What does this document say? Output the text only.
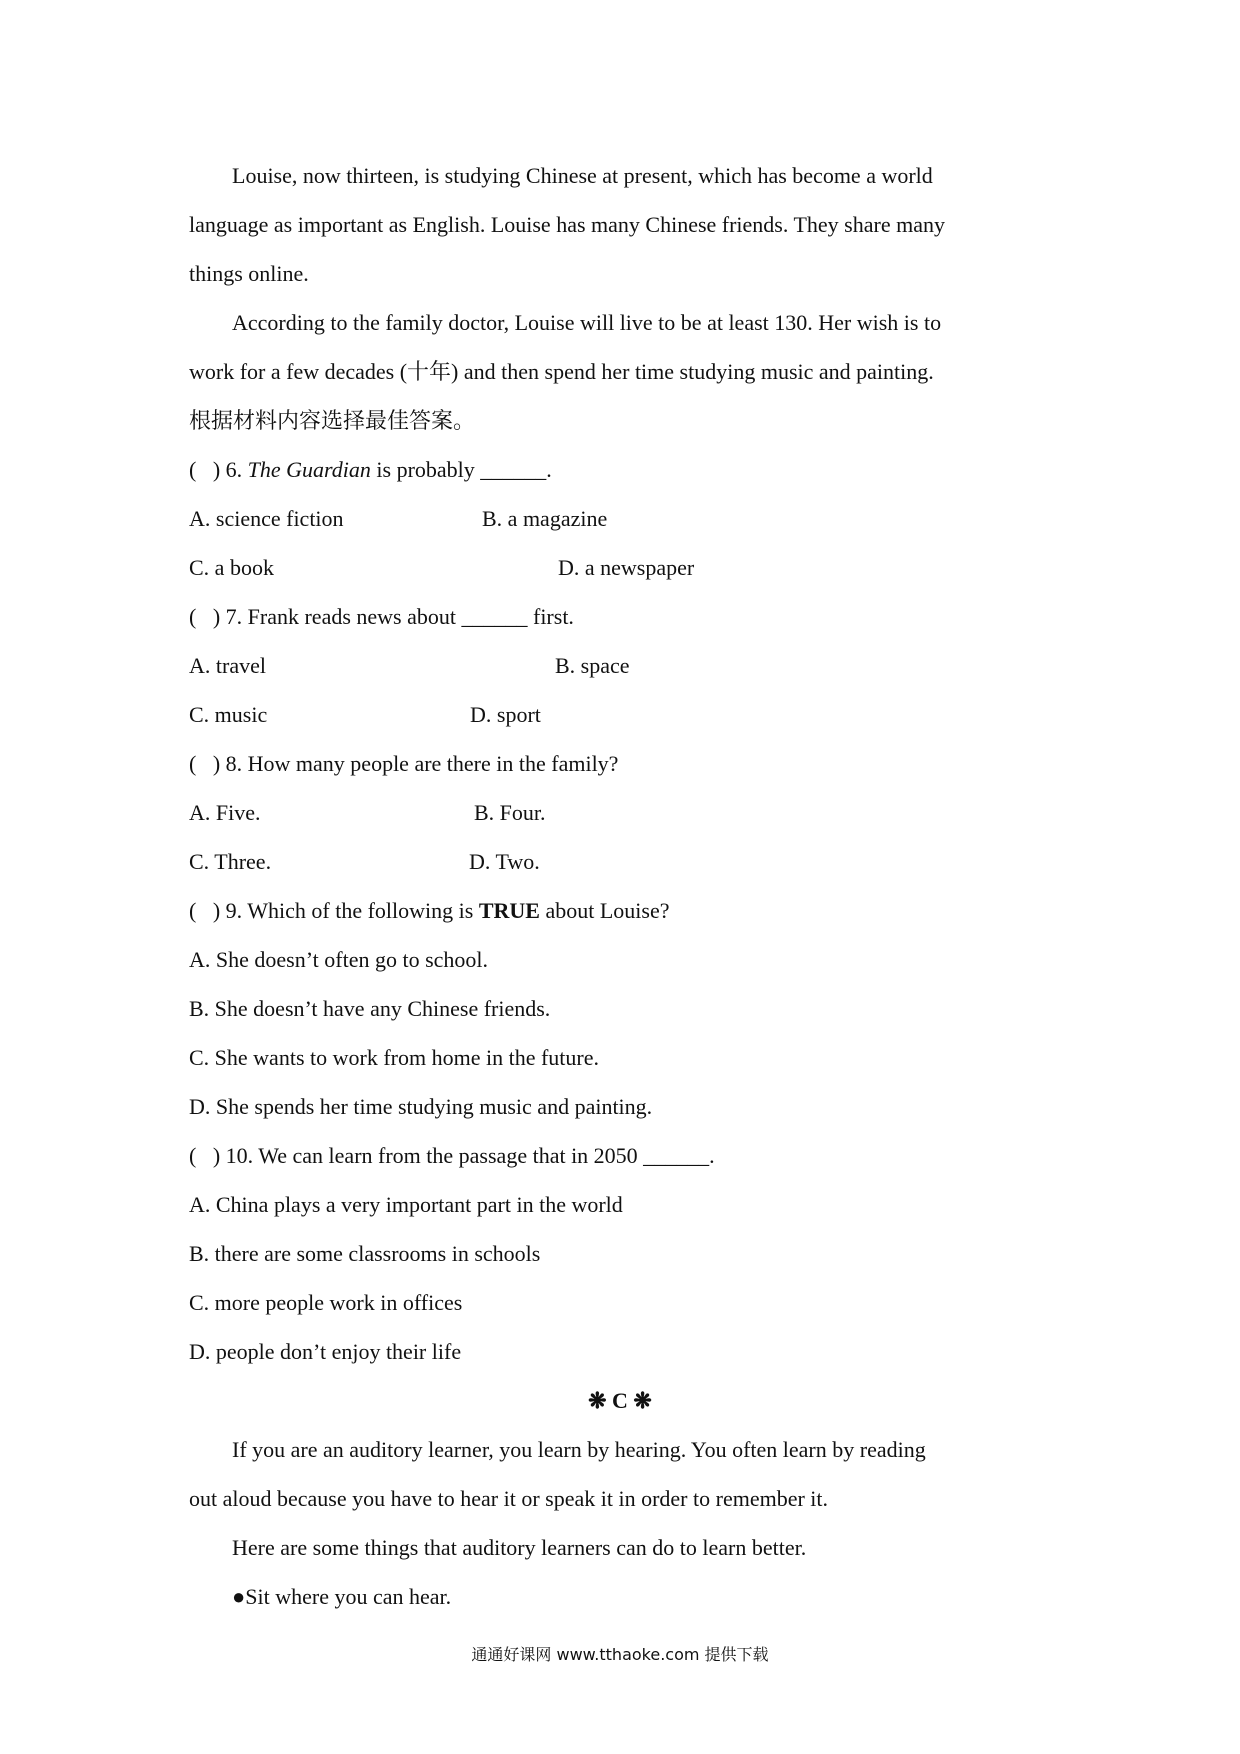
Louise, now thirteen, is studying Chinese at present, which has become a world
language as important as English. Louise has many Chinese friends. They share many
things online.
According to the family doctor, Louise will live to be at least 130. Her wish is to
work for a few decades (十年) and then spend her time studying music and painting.
根据材料内容选择最佳答案。
(   ) 6. The Guardian is probably ______.
A. science fiction	B. a magazine
C. a book	D. a newspaper
(   ) 7. Frank reads news about ______ first.
A. travel	B. space
C. music	D. sport
(   ) 8. How many people are there in the family?
A. Five.	B. Four.
C. Three.	D. Two.
(   ) 9. Which of the following is TRUE about Louise?
A. She doesn’t often go to school.
B. She doesn’t have any Chinese friends.
C. She wants to work from home in the future.
D. She spends her time studying music and painting.
(   ) 10. We can learn from the passage that in 2050 ______.
A. China plays a very important part in the world
B. there are some classrooms in schools
C. more people work in offices
D. people don’t enjoy their life
❋ C ❋
If you are an auditory learner, you learn by hearing. You often learn by reading
out aloud because you have to hear it or speak it in order to remember it.
Here are some things that auditory learners can do to learn better.
●Sit where you can hear.
通通好课网 www.tthaoke.com 提供下载
